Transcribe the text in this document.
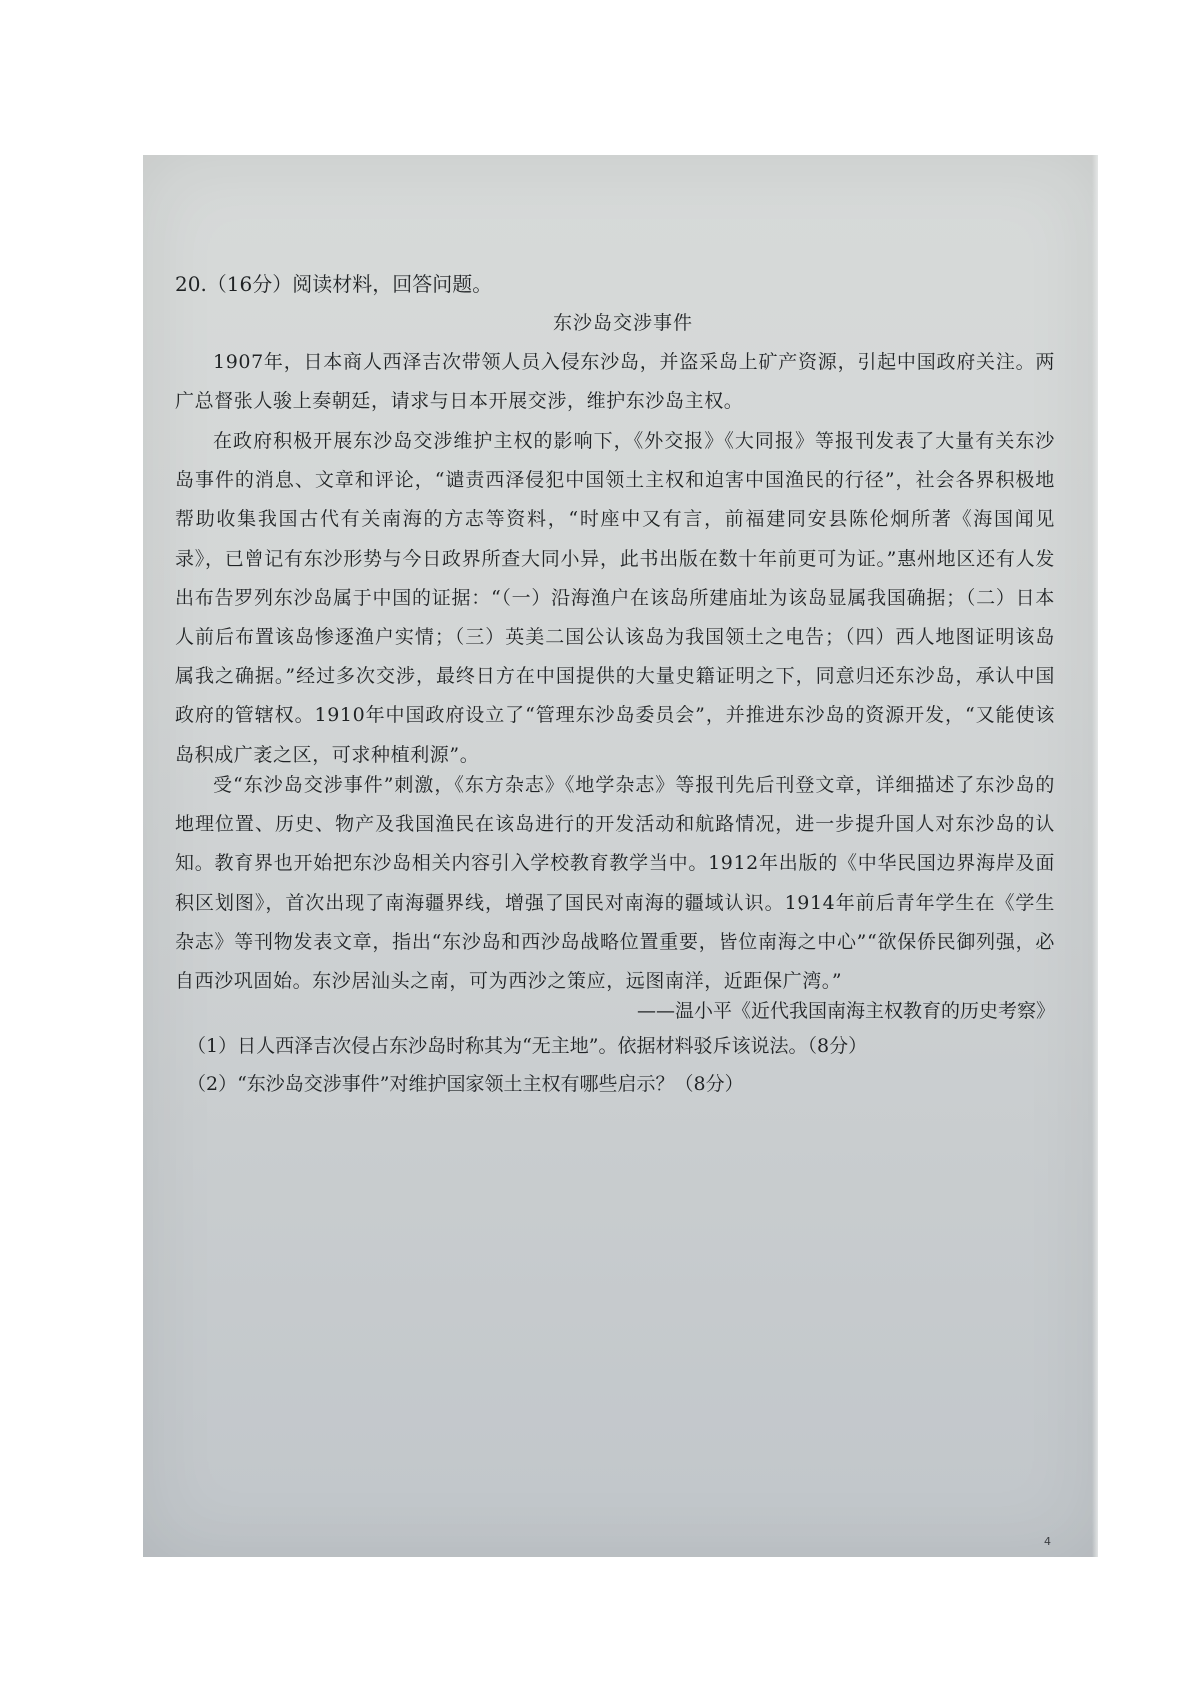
20.（16分）阅读材料，回答问题。
东沙岛交涉事件
1907年，日本商人西泽吉次带领人员入侵东沙岛，并盗采岛上矿产资源，引起中国政府关注。两广总督张人骏上奏朝廷，请求与日本开展交涉，维护东沙岛主权。
在政府积极开展东沙岛交涉维护主权的影响下，《外交报》《大同报》等报刊发表了大量有关东沙岛事件的消息、文章和评论，“谴责西泽侵犯中国领土主权和迫害中国渔民的行径”，社会各界积极地帮助收集我国古代有关南海的方志等资料，“时座中又有言，前福建同安县陈伦炯所著《海国闻见录》，已曾记有东沙形势与今日政界所查大同小异，此书出版在数十年前更可为证。”惠州地区还有人发出布告罗列东沙岛属于中国的证据：“（一）沿海渔户在该岛所建庙址为该岛显属我国确据；（二）日本人前后布置该岛惨逐渔户实情；（三）英美二国公认该岛为我国领土之电告；（四）西人地图证明该岛属我之确据。”经过多次交涉，最终日方在中国提供的大量史籍证明之下，同意归还东沙岛，承认中国政府的管辖权。1910年中国政府设立了“管理东沙岛委员会”，并推进东沙岛的资源开发，“又能使该岛积成广袤之区，可求种植利源”。
受“东沙岛交涉事件”刺激，《东方杂志》《地学杂志》等报刊先后刊登文章，详细描述了东沙岛的地理位置、历史、物产及我国渔民在该岛进行的开发活动和航路情况，进一步提升国人对东沙岛的认知。教育界也开始把东沙岛相关内容引入学校教育教学当中。1912年出版的《中华民国边界海岸及面积区划图》，首次出现了南海疆界线，增强了国民对南海的疆域认识。1914年前后青年学生在《学生杂志》等刊物发表文章，指出“东沙岛和西沙岛战略位置重要，皆位南海之中心”“欲保侨民御列强，必自西沙巩固始。东沙居汕头之南，可为西沙之策应，远图南洋，近距保广湾。”
——温小平《近代我国南海主权教育的历史考察》
（1）日人西泽吉次侵占东沙岛时称其为“无主地”。依据材料驳斥该说法。（8分）
（2）“东沙岛交涉事件”对维护国家领土主权有哪些启示？（8分）
4
